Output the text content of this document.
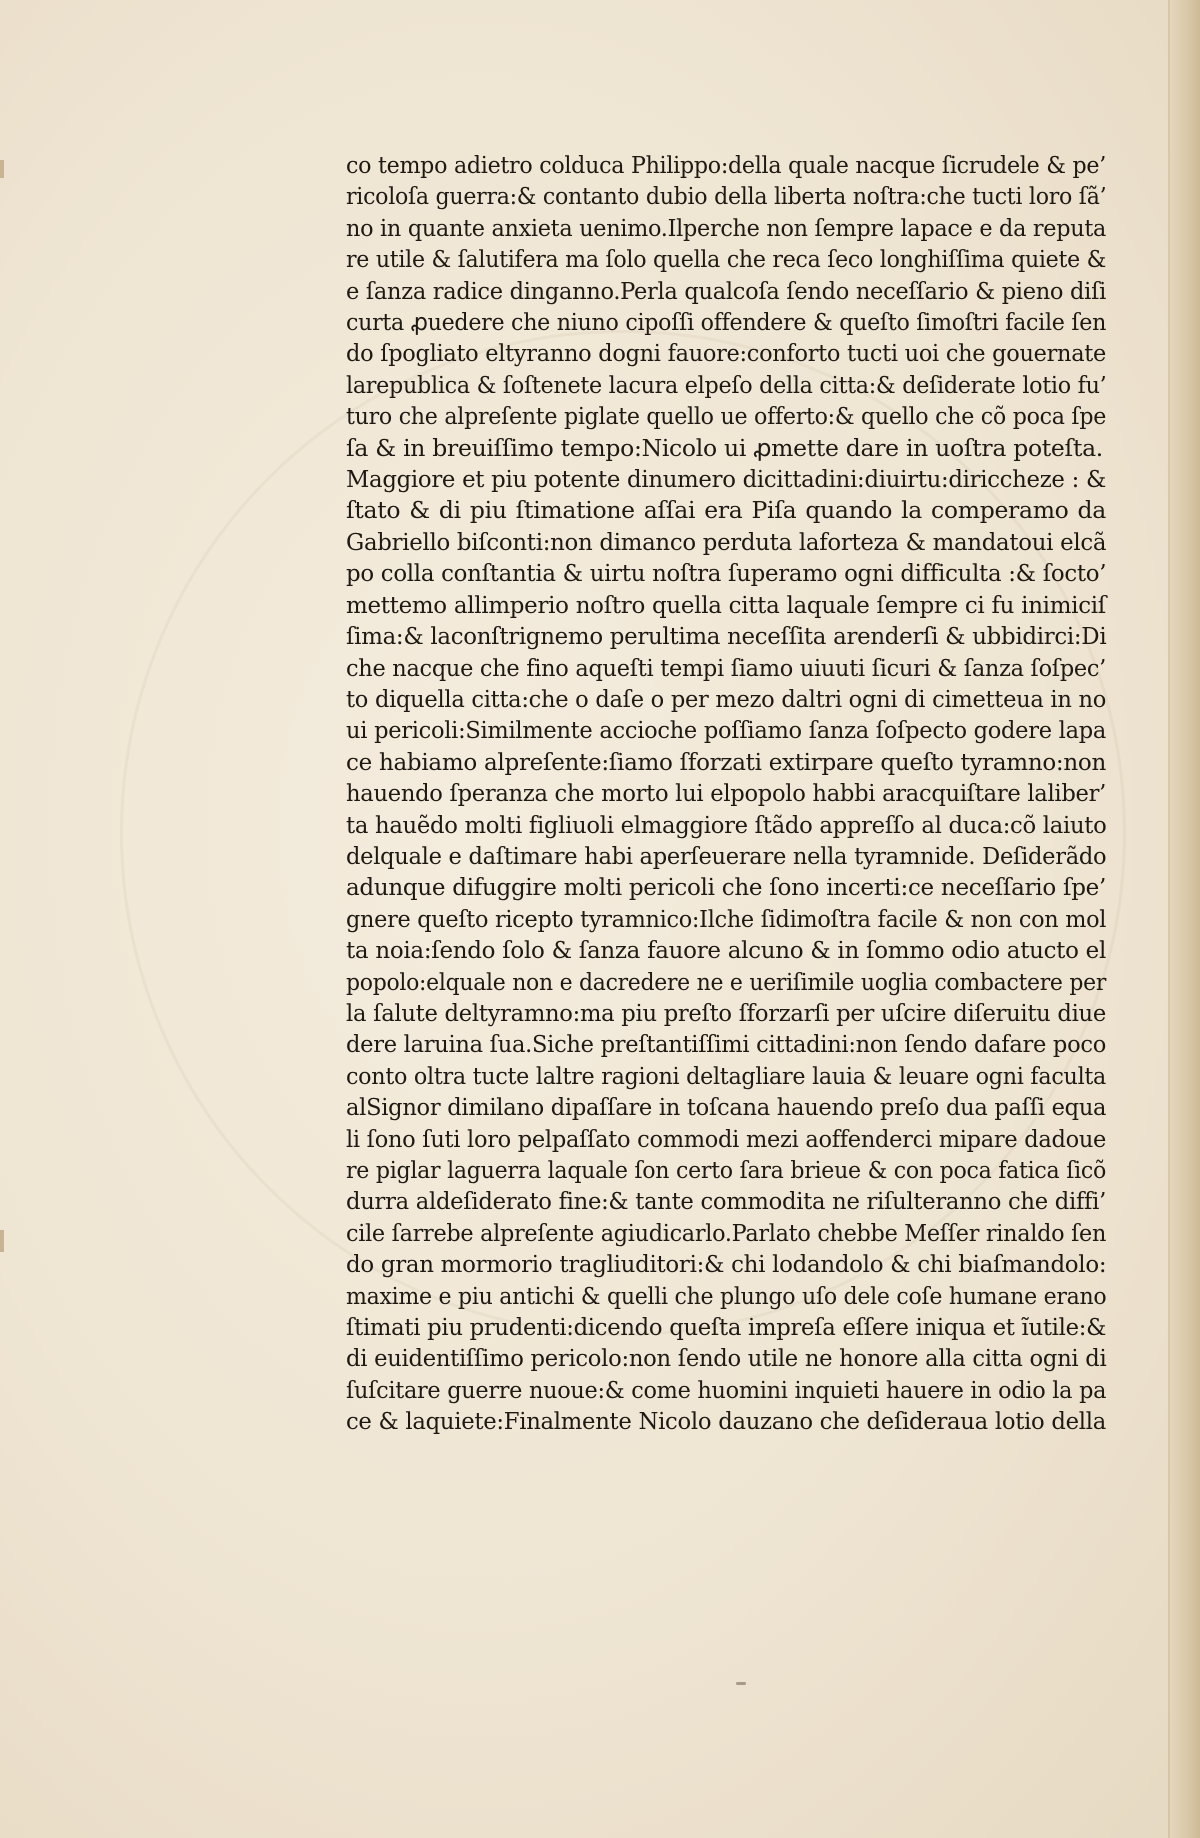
co tempo adietro colduca Philippo:della quale nacque ſicrudele & pe’
ricoloſa guerra:& contanto dubio della liberta noſtra:che tucti loro ſã’
no in quante anxieta uenimo.Ilperche non ſempre lapace e da reputa
re utile & ſalutifera ma ſolo quella che reca ſeco longhiſſima quiete &
e ſanza radice dinganno.Perla qualcoſa ſendo neceſſario & pieno diſi
curta ꝓuedere che niuno cipoſſi offendere & queſto ſimoſtri facile ſen
do ſpogliato eltyranno dogni fauore:conforto tucti uoi che gouernate
larepublica & ſoſtenete lacura elpeſo della citta:& deſiderate lotio fu’
turo che alpreſente piglate quello ue offerto:& quello che cõ poca ſpe
ſa & in breuiſſimo tempo:Nicolo ui ꝓmette dare in uoſtra poteſta.
Maggiore et piu potente dinumero dicittadini:diuirtu:diriccheze : &
ſtato & di piu ſtimatione aſſai era Piſa quando la comperamo da
Gabriello biſconti:non dimanco perduta laforteza & mandatoui elcã
po colla conſtantia & uirtu noſtra ſuperamo ogni difficulta :& ſocto’
mettemo allimperio noſtro quella citta laquale ſempre ci fu inimiciſ
ſima:& laconſtrignemo perultima neceſſita arenderſi & ubbidirci:Di
che nacque che fino aqueſti tempi ſiamo uiuuti ſicuri & ſanza ſoſpec’
to diquella citta:che o daſe o per mezo daltri ogni di cimetteua in no
ui pericoli:Similmente accioche poſſiamo ſanza ſoſpecto godere lapa
ce habiamo alpreſente:ſiamo ſforzati extirpare queſto tyramno:non
hauendo ſperanza che morto lui elpopolo habbi aracquiſtare laliber’
ta hauẽdo molti figliuoli elmaggiore ſtãdo appreſſo al duca:cõ laiuto
delquale e daſtimare habi aperſeuerare nella tyramnide. Deſiderãdo
adunque difuggire molti pericoli che ſono incerti:ce neceſſario ſpe’
gnere queſto ricepto tyramnico:Ilche ſidimoſtra facile & non con mol
ta noia:ſendo ſolo & ſanza fauore alcuno & in ſommo odio atucto el
popolo:elquale non e dacredere ne e ueriſimile uoglia combactere per
la ſalute deltyramno:ma piu preſto ſforzarſi per uſcire diſeruitu diue
dere laruina ſua.Siche preſtantiſſimi cittadini:non ſendo dafare poco
conto oltra tucte laltre ragioni deltagliare lauia & leuare ogni faculta
alSignor dimilano dipaſſare in toſcana hauendo preſo dua paſſi equa
li ſono ſuti loro pelpaſſato commodi mezi aoffenderci mipare dadoue
re piglar laguerra laquale ſon certo ſara brieue & con poca fatica ſicõ
durra aldeſiderato fine:& tante commodita ne riſulteranno che diffi’
cile ſarrebe alpreſente agiudicarlo.Parlato chebbe Meſſer rinaldo ſen
do gran mormorio tragliuditori:& chi lodandolo & chi biaſmandolo:
maxime e piu antichi & quelli che plungo uſo dele coſe humane erano
ſtimati piu prudenti:dicendo queſta impreſa eſſere iniqua et ĩutile:&
di euidentiſſimo pericolo:non ſendo utile ne honore alla citta ogni di
ſuſcitare guerre nuoue:& come huomini inquieti hauere in odio la pa
ce & laquiete:Finalmente Nicolo dauzano che deſideraua lotio della
